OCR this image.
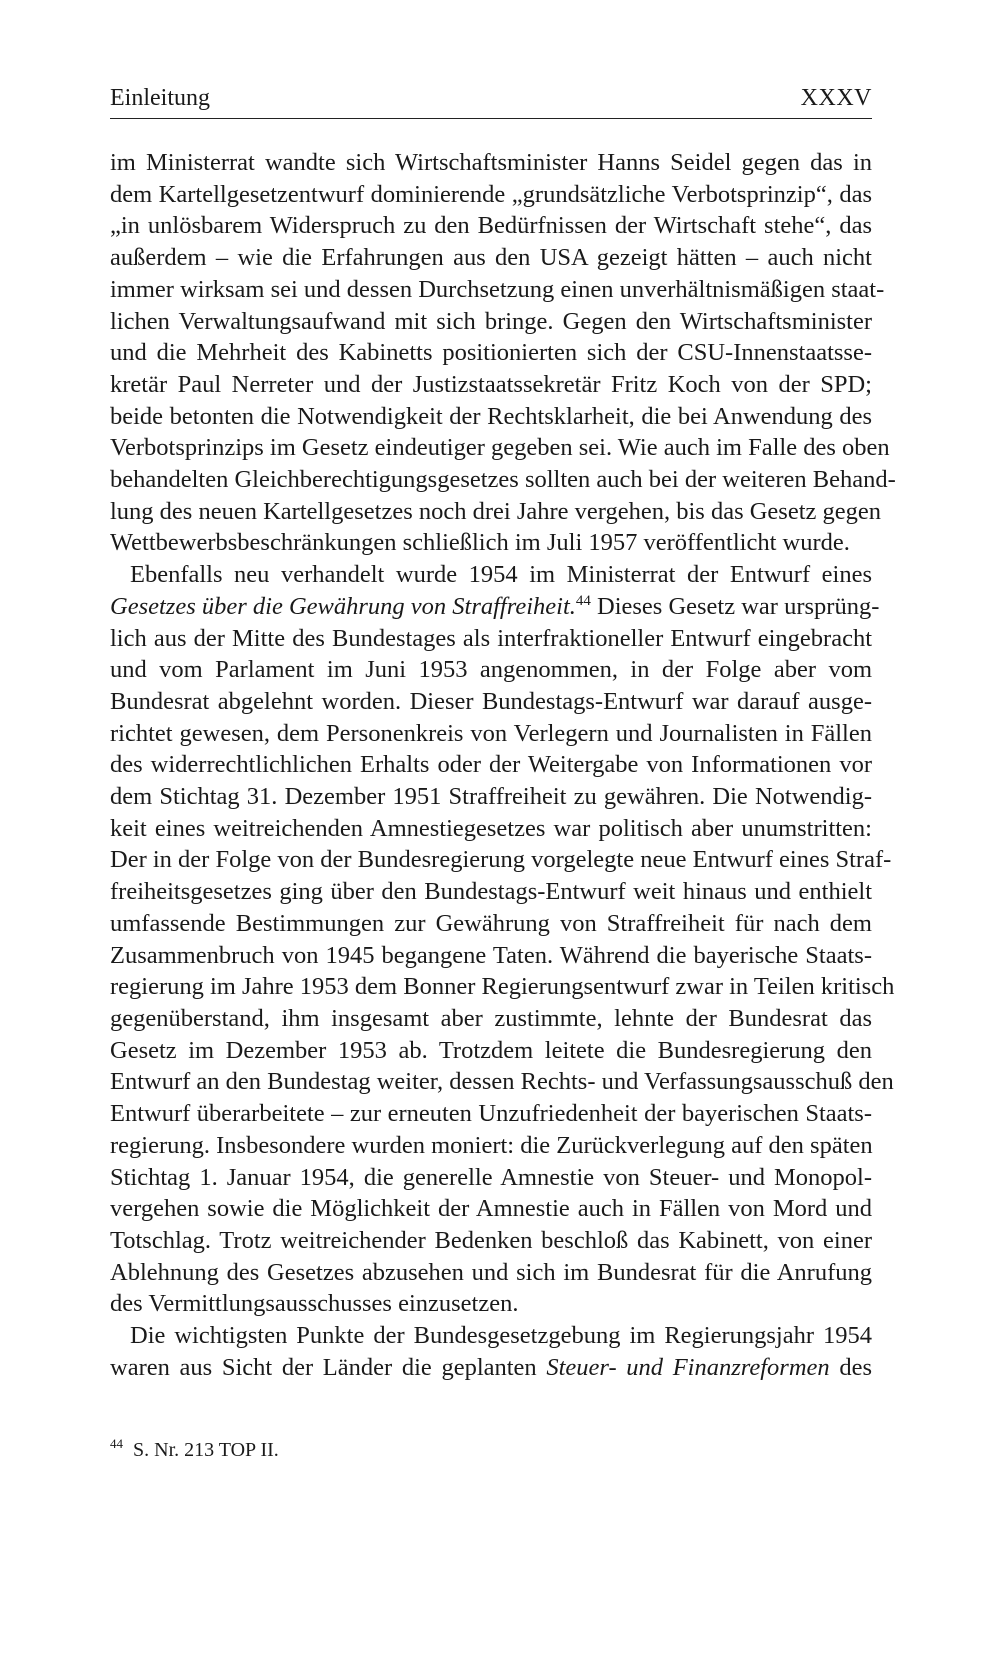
Einleitung	XXXV
im Ministerrat wandte sich Wirtschaftsminister Hanns Seidel gegen das in
dem Kartellgesetzentwurf dominierende „grundsätzliche Verbotsprinzip“, das
„in unlösbarem Widerspruch zu den Bedürfnissen der Wirtschaft stehe“, das
außerdem – wie die Erfahrungen aus den USA gezeigt hätten – auch nicht
immer wirksam sei und dessen Durchsetzung einen unverhältnismäßigen staat-
lichen Verwaltungsaufwand mit sich bringe. Gegen den Wirtschaftsminister
und die Mehrheit des Kabinetts positionierten sich der CSU-Innenstaatsse-
kretär Paul Nerreter und der Justizstaatssekretär Fritz Koch von der SPD;
beide betonten die Notwendigkeit der Rechtsklarheit, die bei Anwendung des
Verbotsprinzips im Gesetz eindeutiger gegeben sei. Wie auch im Falle des oben
behandelten Gleichberechtigungsgesetzes sollten auch bei der weiteren Behand-
lung des neuen Kartellgesetzes noch drei Jahre vergehen, bis das Gesetz gegen
Wettbewerbsbeschränkungen schließlich im Juli 1957 veröffentlicht wurde.
Ebenfalls neu verhandelt wurde 1954 im Ministerrat der Entwurf eines
Gesetzes über die Gewährung von Straffreiheit.$^{44}$ Dieses Gesetz war ursprüng-
lich aus der Mitte des Bundestages als interfraktioneller Entwurf eingebracht
und vom Parlament im Juni 1953 angenommen, in der Folge aber vom
Bundesrat abgelehnt worden. Dieser Bundestags-Entwurf war darauf ausge-
richtet gewesen, dem Personenkreis von Verlegern und Journalisten in Fällen
des widerrechtlichlichen Erhalts oder der Weitergabe von Informationen vor
dem Stichtag 31. Dezember 1951 Straffreiheit zu gewähren. Die Notwendig-
keit eines weitreichenden Amnestiegesetzes war politisch aber unumstritten:
Der in der Folge von der Bundesregierung vorgelegte neue Entwurf eines Straf-
freiheitsgesetzes ging über den Bundestags-Entwurf weit hinaus und enthielt
umfassende Bestimmungen zur Gewährung von Straffreiheit für nach dem
Zusammenbruch von 1945 begangene Taten. Während die bayerische Staats-
regierung im Jahre 1953 dem Bonner Regierungsentwurf zwar in Teilen kritisch
gegenüberstand, ihm insgesamt aber zustimmte, lehnte der Bundesrat das
Gesetz im Dezember 1953 ab. Trotzdem leitete die Bundesregierung den
Entwurf an den Bundestag weiter, dessen Rechts- und Verfassungsausschuß den
Entwurf überarbeitete – zur erneuten Unzufriedenheit der bayerischen Staats-
regierung. Insbesondere wurden moniert: die Zurückverlegung auf den späten
Stichtag 1. Januar 1954, die generelle Amnestie von Steuer- und Monopol-
vergehen sowie die Möglichkeit der Amnestie auch in Fällen von Mord und
Totschlag. Trotz weitreichender Bedenken beschloß das Kabinett, von einer
Ablehnung des Gesetzes abzusehen und sich im Bundesrat für die Anrufung
des Vermittlungsausschusses einzusetzen.
Die wichtigsten Punkte der Bundesgesetzgebung im Regierungsjahr 1954
waren aus Sicht der Länder die geplanten Steuer- und Finanzreformen des
$^{44}$ S. Nr. 213 TOP II.
